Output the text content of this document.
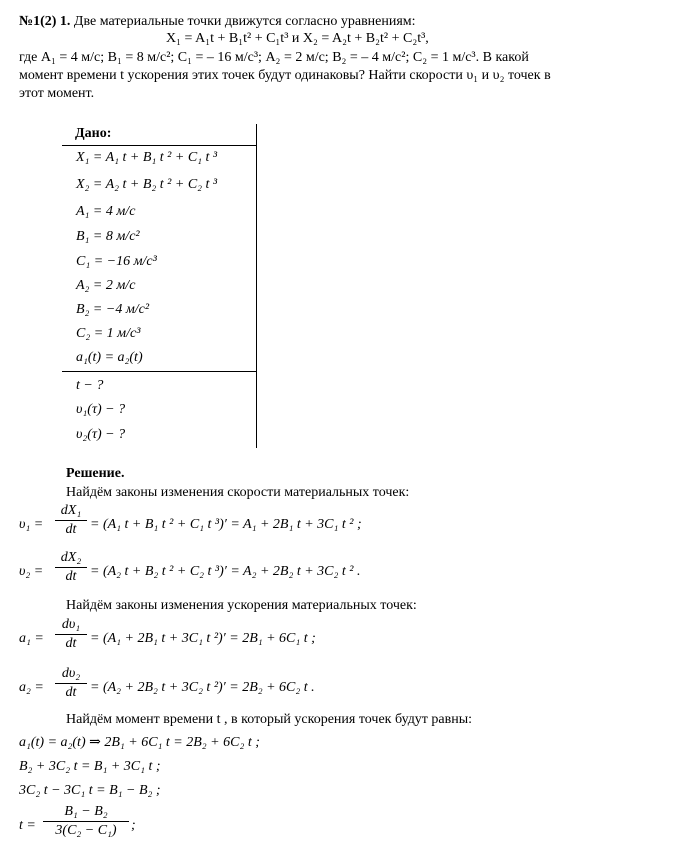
№1(2) 1. Две материальные точки движутся согласно уравнениям:
X₁ = A₁t + B₁t² + C₁t³ и X₂ = A₂t + B₂t² + C₂t³,
где A₁ = 4 м/с; B₁ = 8 м/с²; C₁ = – 16 м/с³; A₂ = 2 м/с; B₂ = – 4 м/с²; C₂ = 1 м/с³. В какой
момент времени t ускорения этих точек будут одинаковы? Найти скорости υ₁ и υ₂ точек в
этот момент.
Дано:
X₁ = A₁ t + B₁ t ² + C₁ t ³
X₂ = A₂ t + B₂ t ² + C₂ t ³
A₁ = 4 м/с
B₁ = 8 м/с²
C₁ = −16 м/с³
A₂ = 2 м/с
B₂ = −4 м/с²
C₂ = 1 м/с³
a₁(t) = a₂(t)
t − ?
υ₁(τ) − ?
υ₂(τ) − ?
Решение.
Найдём законы изменения скорости материальных точек:
υ₁ =
dX₁
dt = (A₁ t + B₁ t ² + C₁ t ³)′ = A₁ + 2B₁ t + 3C₁ t ² ;
υ₂ =
dX₂
dt = (A₂ t + B₂ t ² + C₂ t ³)′ = A₂ + 2B₂ t + 3C₂ t ² .
Найдём законы изменения ускорения материальных точек:
a₁ =
dυ₁
dt = (A₁ + 2B₁ t + 3C₁ t ²)′ = 2B₁ + 6C₁ t ;
a₂ =
dυ₂
dt = (A₂ + 2B₂ t + 3C₂ t ²)′ = 2B₂ + 6C₂ t .
Найдём момент времени t , в который ускорения точек будут равны:
a₁(t) = a₂(t) ⇒ 2B₁ + 6C₁ t = 2B₂ + 6C₂ t ;
B₂ + 3C₂ t = B₁ + 3C₁ t ;
3C₂ t − 3C₁ t = B₁ − B₂ ;
t =
B₁ − B₂
3(C₂ − C₁)	;
